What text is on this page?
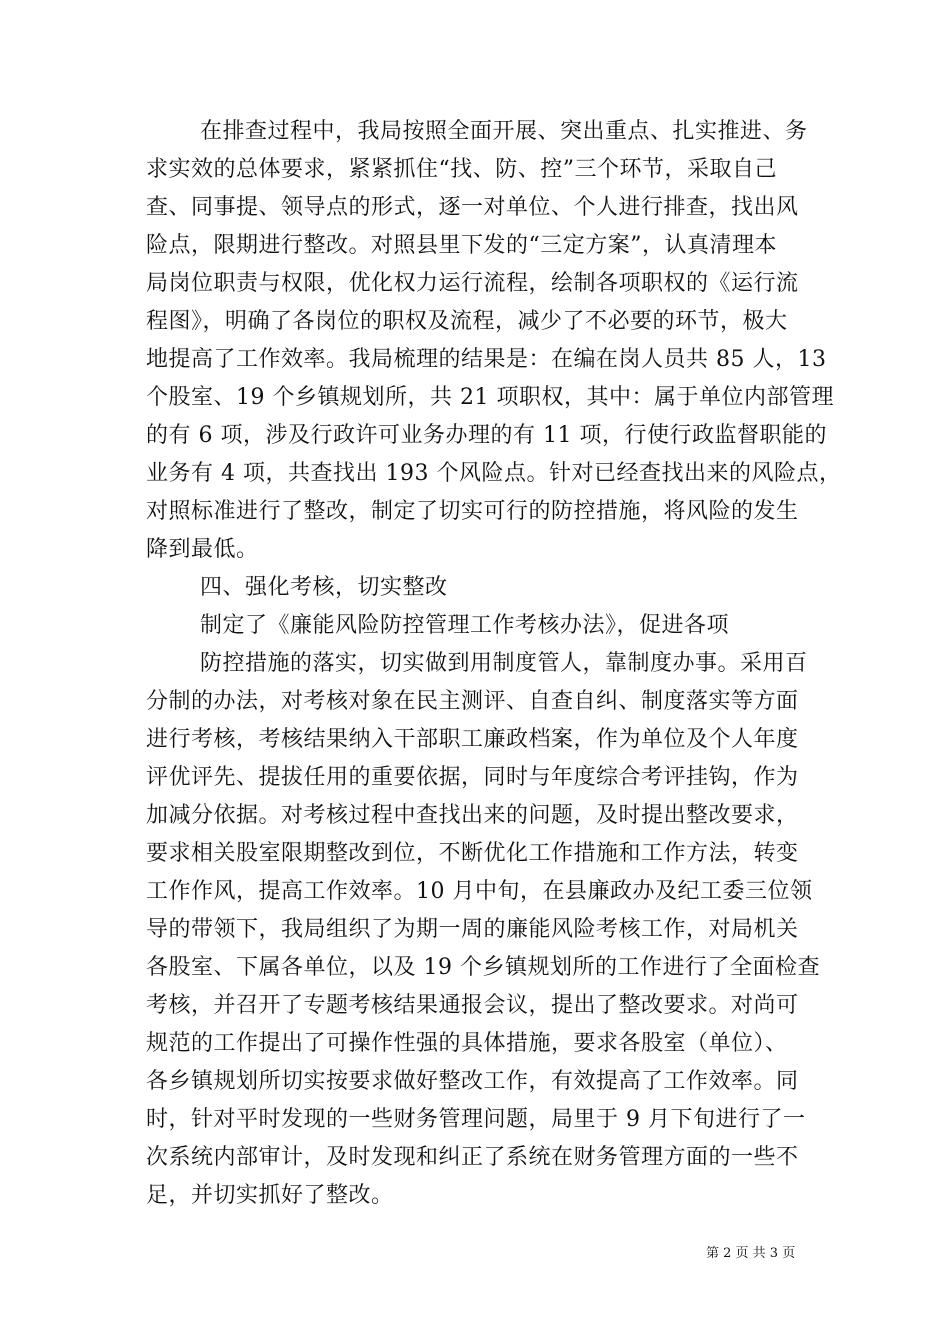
在排查过程中，我局按照全面开展、突出重点、扎实推进、务
求实效的总体要求，紧紧抓住“找、防、控”三个环节，采取自己
查、同事提、领导点的形式，逐一对单位、个人进行排查，找出风
险点，限期进行整改。对照县里下发的“三定方案”，认真清理本
局岗位职责与权限，优化权力运行流程，绘制各项职权的《运行流
程图》，明确了各岗位的职权及流程，减少了不必要的环节，极大
地提高了工作效率。我局梳理的结果是：在编在岗人员共 85 人，13
个股室、19 个乡镇规划所，共 21 项职权，其中：属于单位内部管理
的有 6 项，涉及行政许可业务办理的有 11 项，行使行政监督职能的
业务有 4 项，共查找出 193 个风险点。针对已经查找出来的风险点，
对照标准进行了整改，制定了切实可行的防控措施，将风险的发生
降到最低。
四、强化考核，切实整改
制定了《廉能风险防控管理工作考核办法》，促进各项
防控措施的落实，切实做到用制度管人，靠制度办事。采用百
分制的办法，对考核对象在民主测评、自查自纠、制度落实等方面
进行考核，考核结果纳入干部职工廉政档案，作为单位及个人年度
评优评先、提拔任用的重要依据，同时与年度综合考评挂钩，作为
加减分依据。对考核过程中查找出来的问题，及时提出整改要求，
要求相关股室限期整改到位，不断优化工作措施和工作方法，转变
工作作风，提高工作效率。10 月中旬，在县廉政办及纪工委三位领
导的带领下，我局组织了为期一周的廉能风险考核工作，对局机关
各股室、下属各单位，以及 19 个乡镇规划所的工作进行了全面检查
考核，并召开了专题考核结果通报会议，提出了整改要求。对尚可
规范的工作提出了可操作性强的具体措施，要求各股室（单位）、
各乡镇规划所切实按要求做好整改工作，有效提高了工作效率。同
时，针对平时发现的一些财务管理问题，局里于 9 月下旬进行了一
次系统内部审计，及时发现和纠正了系统在财务管理方面的一些不
足，并切实抓好了整改。
第 2 页 共 3 页
